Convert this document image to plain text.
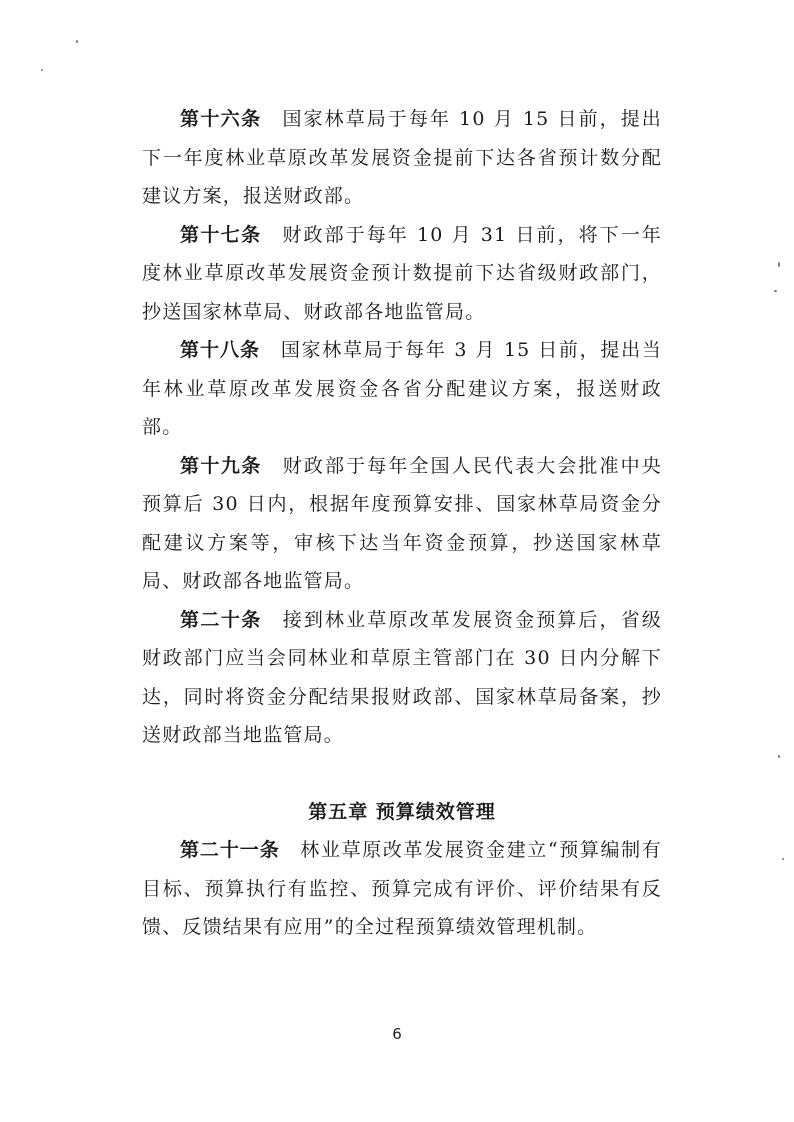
第十六条  国家林草局于每年 10 月 15 日前，提出下一年度林业草原改革发展资金提前下达各省预计数分配建议方案，报送财政部。

第十七条  财政部于每年 10 月 31 日前，将下一年度林业草原改革发展资金预计数提前下达省级财政部门，抄送国家林草局、财政部各地监管局。

第十八条  国家林草局于每年 3 月 15 日前，提出当年林业草原改革发展资金各省分配建议方案，报送财政部。

第十九条  财政部于每年全国人民代表大会批准中央预算后 30 日内，根据年度预算安排、国家林草局资金分配建议方案等，审核下达当年资金预算，抄送国家林草局、财政部各地监管局。

第二十条  接到林业草原改革发展资金预算后，省级财政部门应当会同林业和草原主管部门在 30 日内分解下达，同时将资金分配结果报财政部、国家林草局备案，抄送财政部当地监管局。

第五章 预算绩效管理

第二十一条  林业草原改革发展资金建立“预算编制有目标、预算执行有监控、预算完成有评价、评价结果有反馈、反馈结果有应用”的全过程预算绩效管理机制。

6
